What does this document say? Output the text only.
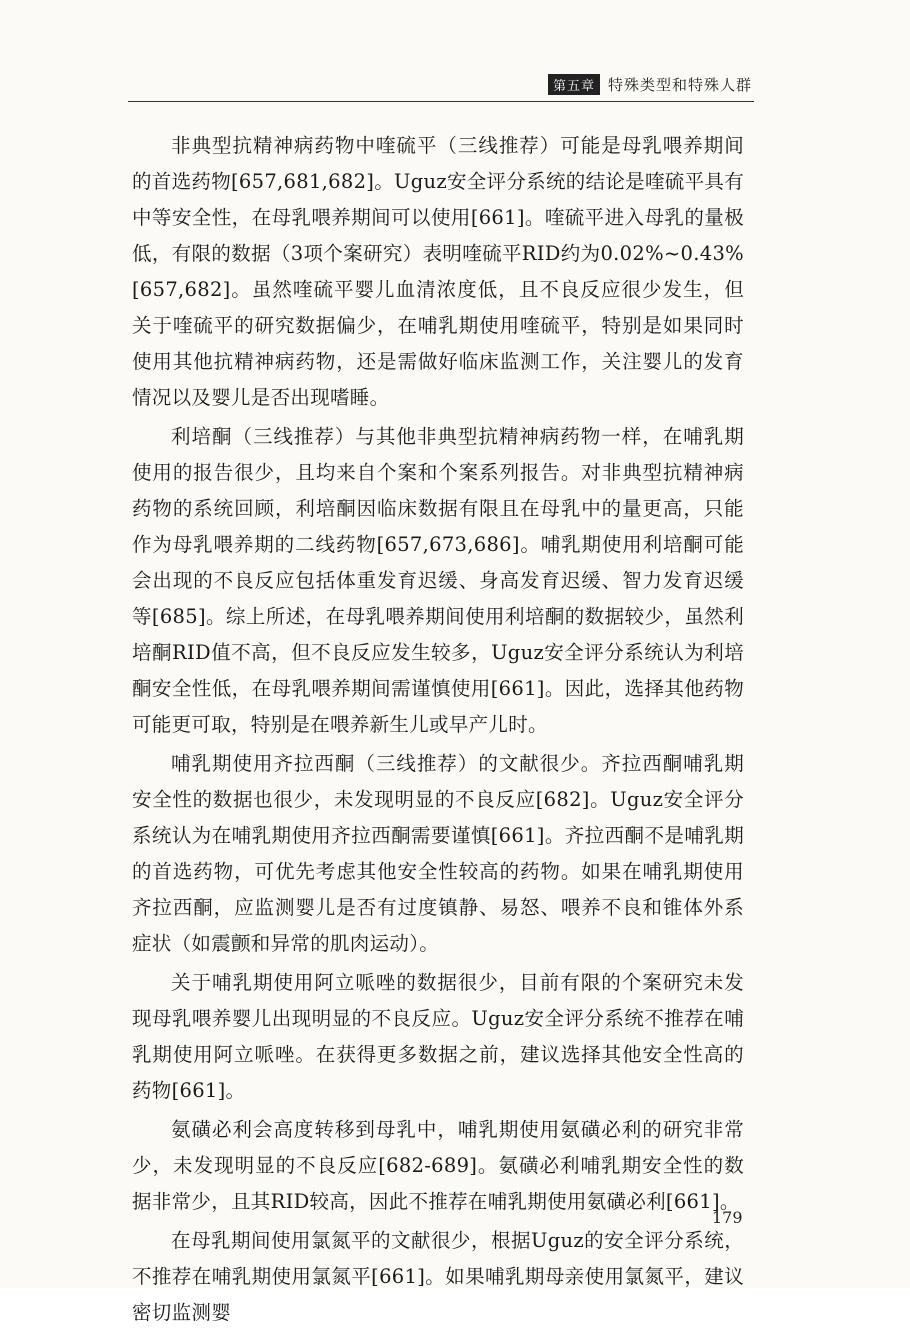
第五章 特殊类型和特殊人群

非典型抗精神病药物中喹硫平（三线推荐）可能是母乳喂养期间的首选药物[657,681,682]。Uguz安全评分系统的结论是喹硫平具有中等安全性，在母乳喂养期间可以使用[661]。喹硫平进入母乳的量极低，有限的数据（3项个案研究）表明喹硫平RID约为0.02%~0.43%[657,682]。虽然喹硫平婴儿血清浓度低，且不良反应很少发生，但关于喹硫平的研究数据偏少，在哺乳期使用喹硫平，特别是如果同时使用其他抗精神病药物，还是需做好临床监测工作，关注婴儿的发育情况以及婴儿是否出现嗜睡。

利培酮（三线推荐）与其他非典型抗精神病药物一样，在哺乳期使用的报告很少，且均来自个案和个案系列报告。对非典型抗精神病药物的系统回顾，利培酮因临床数据有限且在母乳中的量更高，只能作为母乳喂养期的二线药物[657,673,686]。哺乳期使用利培酮可能会出现的不良反应包括体重发育迟缓、身高发育迟缓、智力发育迟缓等[685]。综上所述，在母乳喂养期间使用利培酮的数据较少，虽然利培酮RID值不高，但不良反应发生较多，Uguz安全评分系统认为利培酮安全性低，在母乳喂养期间需谨慎使用[661]。因此，选择其他药物可能更可取，特别是在喂养新生儿或早产儿时。

哺乳期使用齐拉西酮（三线推荐）的文献很少。齐拉西酮哺乳期安全性的数据也很少，未发现明显的不良反应[682]。Uguz安全评分系统认为在哺乳期使用齐拉西酮需要谨慎[661]。齐拉西酮不是哺乳期的首选药物，可优先考虑其他安全性较高的药物。如果在哺乳期使用齐拉西酮，应监测婴儿是否有过度镇静、易怒、喂养不良和锥体外系症状（如震颤和异常的肌肉运动）。

关于哺乳期使用阿立哌唑的数据很少，目前有限的个案研究未发现母乳喂养婴儿出现明显的不良反应。Uguz安全评分系统不推荐在哺乳期使用阿立哌唑。在获得更多数据之前，建议选择其他安全性高的药物[661]。

氨磺必利会高度转移到母乳中，哺乳期使用氨磺必利的研究非常少，未发现明显的不良反应[682-689]。氨磺必利哺乳期安全性的数据非常少，且其RID较高，因此不推荐在哺乳期使用氨磺必利[661]。

在母乳期间使用氯氮平的文献很少，根据Uguz的安全评分系统，不推荐在哺乳期使用氯氮平[661]。如果哺乳期母亲使用氯氮平，建议密切监测婴

179
